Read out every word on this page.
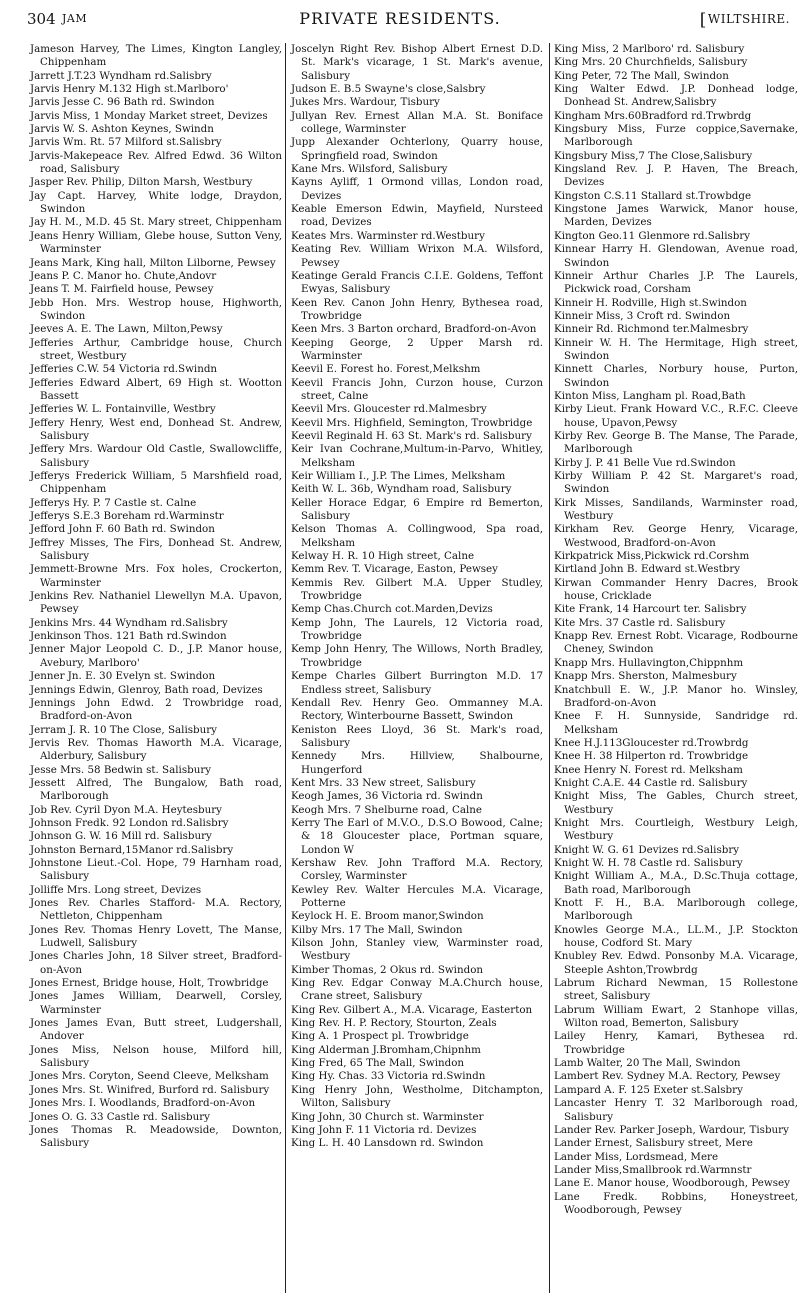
304 JAM	PRIVATE RESIDENTS.	[WILTSHIRE.
Jameson Harvey, The Limes, Kington Langley, Chippenham
Jarrett J.T.23 Wyndham rd.Salisbry
Jarvis Henry M.132 High st.Marlboro'
Jarvis Jesse C. 96 Bath rd. Swindon
Jarvis Miss, 1 Monday Market street, Devizes
Jarvis W. S. Ashton Keynes, Swindn
Jarvis Wm. Rt. 57 Milford st.Salisbry
Jarvis-Makepeace Rev. Alfred Edwd. 36 Wilton road, Salisbury
Jasper Rev. Philip, Dilton Marsh, Westbury
Jay Capt. Harvey, White lodge, Draydon, Swindon
Jay H. M., M.D. 45 St. Mary street, Chippenham
Jeans Henry William, Glebe house, Sutton Veny, Warminster
Jeans Mark, King hall, Milton Lilborne, Pewsey
Jeans P. C. Manor ho. Chute,Andovr
Jeans T. M. Fairfield house, Pewsey
Jebb Hon. Mrs. Westrop house, Highworth, Swindon
Jeeves A. E. The Lawn, Milton,Pewsy
Jefferies Arthur, Cambridge house, Church street, Westbury
Jefferies C.W. 54 Victoria rd.Swindn
Jefferies Edward Albert, 69 High st. Wootton Bassett
Jefferies W. L. Fontainville, Westbry
Jeffery Henry, West end, Donhead St. Andrew, Salisbury
Jeffery Mrs. Wardour Old Castle, Swallowcliffe, Salisbury
Jefferys Frederick William, 5 Marshfield road, Chippenham
Jefferys Hy. P. 7 Castle st. Calne
Jefferys S.E.3 Boreham rd.Warminstr
Jefford John F. 60 Bath rd. Swindon
Jeffrey Misses, The Firs, Donhead St. Andrew, Salisbury
Jemmett-Browne Mrs. Fox holes, Crockerton, Warminster
Jenkins Rev. Nathaniel Llewellyn M.A. Upavon, Pewsey
Jenkins Mrs. 44 Wyndham rd.Salisbry
Jenkinson Thos. 121 Bath rd.Swindon
Jenner Major Leopold C. D., J.P. Manor house, Avebury, Marlboro'
Jenner Jn. E. 30 Evelyn st. Swindon
Jennings Edwin, Glenroy, Bath road, Devizes
Jennings John Edwd. 2 Trowbridge road, Bradford-on-Avon
Jerram J. R. 10 The Close, Salisbury
Jervis Rev. Thomas Haworth M.A. Vicarage, Alderbury, Salisbury
Jesse Mrs. 58 Bedwin st. Salisbury
Jessett Alfred, The Bungalow, Bath road, Marlborough
Job Rev. Cyril Dyon M.A. Heytesbury
Johnson Fredk. 92 London rd.Salisbry
Johnson G. W. 16 Mill rd. Salisbury
Johnston Bernard,15Manor rd.Salisbry
Johnstone Lieut.-Col. Hope, 79 Harnham road, Salisbury
Jolliffe Mrs. Long street, Devizes
Jones Rev. Charles Stafford- M.A. Rectory, Nettleton, Chippenham
Jones Rev. Thomas Henry Lovett, The Manse, Ludwell, Salisbury
Jones Charles John, 18 Silver street, Bradford-on-Avon
Jones Ernest, Bridge house, Holt, Trowbridge
Jones James William, Dearwell, Corsley, Warminster
Jones James Evan, Butt street, Ludgershall, Andover
Jones Miss, Nelson house, Milford hill, Salisbury
Jones Mrs. Coryton, Seend Cleeve, Melksham
Jones Mrs. St. Winifred, Burford rd. Salisbury
Jones Mrs. I. Woodlands, Bradford-on-Avon
Jones O. G. 33 Castle rd. Salisbury
Jones Thomas R. Meadowside, Downton, Salisbury
Joscelyn Right Rev. Bishop Albert Ernest D.D. St. Mark's vicarage, 1 St. Mark's avenue, Salisbury
Judson E. B.5 Swayne's close,Salsbry
Jukes Mrs. Wardour, Tisbury
Jullyan Rev. Ernest Allan M.A. St. Boniface college, Warminster
Jupp Alexander Ochterlony, Quarry house, Springfield road, Swindon
Kane Mrs. Wilsford, Salisbury
Kayns Ayliff, 1 Ormond villas, London road, Devizes
Keable Emerson Edwin, Mayfield, Nursteed road, Devizes
Keates Mrs. Warminster rd.Westbury
Keating Rev. William Wrixon M.A. Wilsford, Pewsey
Keatinge Gerald Francis C.I.E. Goldens, Teffont Ewyas, Salisbury
Keen Rev. Canon John Henry, Bythesea road, Trowbridge
Keen Mrs. 3 Barton orchard, Bradford-on-Avon
Keeping George, 2 Upper Marsh rd. Warminster
Keevil E. Forest ho. Forest,Melkshm
Keevil Francis John, Curzon house, Curzon street, Calne
Keevil Mrs. Gloucester rd.Malmesbry
Keevil Mrs. Highfield, Semington, Trowbridge
Keevil Reginald H. 63 St. Mark's rd. Salisbury
Keir Ivan Cochrane,Multum-in-Parvo, Whitley, Melksham
Keir William I., J.P. The Limes, Melksham
Keith W. L. 36b, Wyndham road, Salisbury
Keller Horace Edgar, 6 Empire rd Bemerton, Salisbury
Kelson Thomas A. Collingwood, Spa road, Melksham
Kelway H. R. 10 High street, Calne
Kemm Rev. T. Vicarage, Easton, Pewsey
Kemmis Rev. Gilbert M.A. Upper Studley, Trowbridge
Kemp Chas.Church cot.Marden,Devizs
Kemp John, The Laurels, 12 Victoria road, Trowbridge
Kemp John Henry, The Willows, North Bradley, Trowbridge
Kempe Charles Gilbert Burrington M.D. 17 Endless street, Salisbury
Kendall Rev. Henry Geo. Ommanney M.A. Rectory, Winterbourne Bassett, Swindon
Keniston Rees Lloyd, 36 St. Mark's road, Salisbury
Kennedy Mrs. Hillview, Shalbourne, Hungerford
Kent Mrs. 33 New street, Salisbury
Keogh James, 36 Victoria rd. Swindn
Keogh Mrs. 7 Shelburne road, Calne
Kerry The Earl of M.V.O., D.S.O Bowood, Calne; & 18 Gloucester place, Portman square, London W
Kershaw Rev. John Trafford M.A. Rectory, Corsley, Warminster
Kewley Rev. Walter Hercules M.A. Vicarage, Potterne
Keylock H. E. Broom manor,Swindon
Kilby Mrs. 17 The Mall, Swindon
Kilson John, Stanley view, Warminster road, Westbury
Kimber Thomas, 2 Okus rd. Swindon
King Rev. Edgar Conway M.A.Church house, Crane street, Salisbury
King Rev. Gilbert A., M.A. Vicarage, Easterton
King Rev. H. P. Rectory, Stourton, Zeals
King A. 1 Prospect pl. Trowbridge
King Alderman J.Bromham,Chipnhm
King Fred, 65 The Mall, Swindon
King Hy. Chas. 33 Victoria rd.Swindn
King Henry John, Westholme, Ditchampton, Wilton, Salisbury
King John, 30 Church st. Warminster
King John F. 11 Victoria rd. Devizes
King L. H. 40 Lansdown rd. Swindon
King Miss, 2 Marlboro' rd. Salisbury
King Mrs. 20 Churchfields, Salisbury
King Peter, 72 The Mall, Swindon
King Walter Edwd. J.P. Donhead lodge, Donhead St. Andrew,Salisbry
Kingham Mrs.60Bradford rd.Trwbrdg
Kingsbury Miss, Furze coppice,Savernake, Marlborough
Kingsbury Miss,7 The Close,Salisbury
Kingsland Rev. J. P. Haven, The Breach, Devizes
Kingston C.S.11 Stallard st.Trowbdge
Kingstone James Warwick, Manor house, Marden, Devizes
Kington Geo.11 Glenmore rd.Salisbry
Kinnear Harry H. Glendowan, Avenue road, Swindon
Kinneir Arthur Charles J.P. The Laurels, Pickwick road, Corsham
Kinneir H. Rodville, High st.Swindon
Kinneir Miss, 3 Croft rd. Swindon
Kinneir Rd. Richmond ter.Malmesbry
Kinneir W. H. The Hermitage, High street, Swindon
Kinnett Charles, Norbury house, Purton, Swindon
Kinton Miss, Langham pl. Road,Bath
Kirby Lieut. Frank Howard V.C., R.F.C. Cleeve house, Upavon,Pewsy
Kirby Rev. George B. The Manse, The Parade, Marlborough
Kirby J. P. 41 Belle Vue rd.Swindon
Kirby William P. 42 St. Margaret's road, Swindon
Kirk Misses, Sandilands, Warminster road, Westbury
Kirkham Rev. George Henry, Vicarage, Westwood, Bradford-on-Avon
Kirkpatrick Miss,Pickwick rd.Corshm
Kirtland John B. Edward st.Westbry
Kirwan Commander Henry Dacres, Brook house, Cricklade
Kite Frank, 14 Harcourt ter. Salisbry
Kite Mrs. 37 Castle rd. Salisbury
Knapp Rev. Ernest Robt. Vicarage, Rodbourne Cheney, Swindon
Knapp Mrs. Hullavington,Chippnhm
Knapp Mrs. Sherston, Malmesbury
Knatchbull E. W., J.P. Manor ho. Winsley, Bradford-on-Avon
Knee F. H. Sunnyside, Sandridge rd. Melksham
Knee H.J.113Gloucester rd.Trowbrdg
Knee H. 38 Hilperton rd. Trowbridge
Knee Henry N. Forest rd. Melksham
Knight C.A.E. 44 Castle rd. Salisbury
Knight Miss, The Gables, Church street, Westbury
Knight Mrs. Courtleigh, Westbury Leigh, Westbury
Knight W. G. 61 Devizes rd.Salisbry
Knight W. H. 78 Castle rd. Salisbury
Knight William A., M.A., D.Sc.Thuja cottage, Bath road, Marlborough
Knott F. H., B.A. Marlborough college, Marlborough
Knowles George M.A., LL.M., J.P. Stockton house, Codford St. Mary
Knubley Rev. Edwd. Ponsonby M.A. Vicarage, Steeple Ashton,Trowbrdg
Labrum Richard Newman, 15 Rollestone street, Salisbury
Labrum William Ewart, 2 Stanhope villas, Wilton road, Bemerton, Salisbury
Lailey Henry, Kamari, Bythesea rd. Trowbridge
Lamb Walter, 20 The Mall, Swindon
Lambert Rev. Sydney M.A. Rectory, Pewsey
Lampard A. F. 125 Exeter st.Salsbry
Lancaster Henry T. 32 Marlborough road, Salisbury
Lander Rev. Parker Joseph, Wardour, Tisbury
Lander Ernest, Salisbury street, Mere
Lander Miss, Lordsmead, Mere
Lander Miss,Smallbrook rd.Warmnstr
Lane E. Manor house, Woodborough, Pewsey
Lane Fredk. Robbins, Honeystreet, Woodborough, Pewsey
